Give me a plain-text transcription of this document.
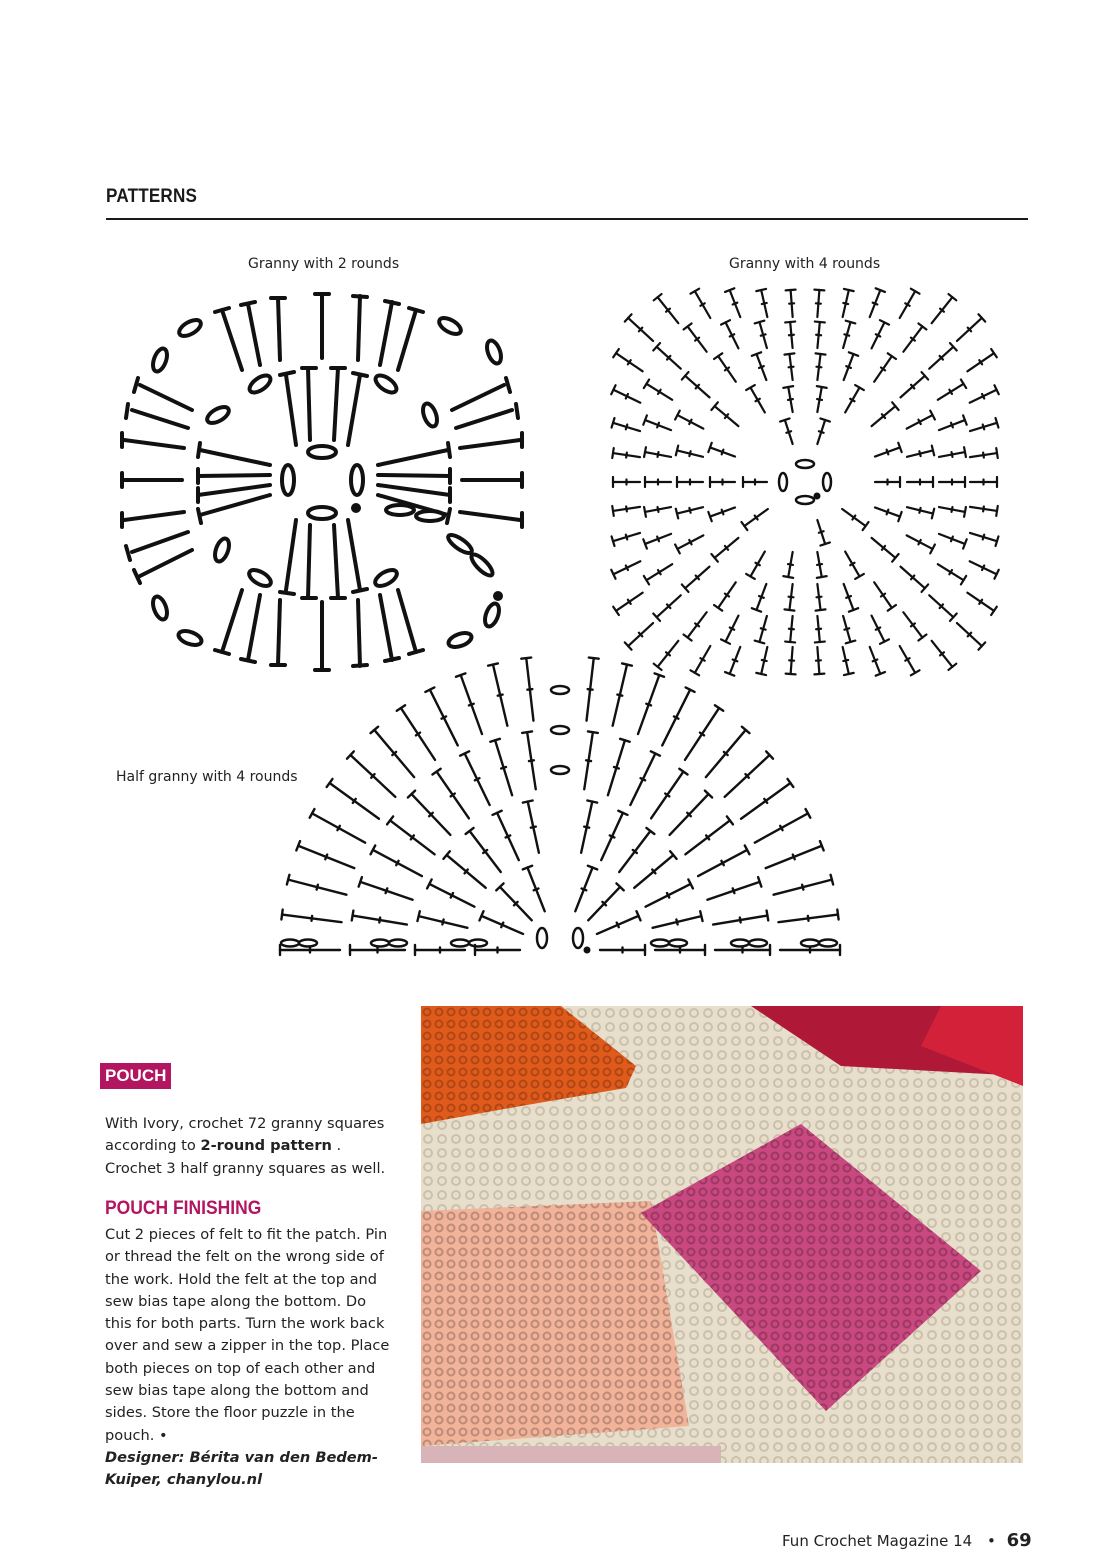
PATTERNS
Granny with 2 rounds	Granny with 4 rounds
Half granny with 4 rounds
POUCH
With Ivory, crochet 72 granny squares according to 2-round pattern . Crochet 3 half granny squares as well.
POUCH FINISHING
Cut 2 pieces of felt to fit the patch. Pin or thread the felt on the wrong side of the work. Hold the felt at the top and sew bias tape along the bottom. Do this for both parts. Turn the work back over and sew a zipper in the top. Place both pieces on top of each other and sew bias tape along the bottom and sides. Store the floor puzzle in the pouch. •
Designer: Bérita van den Bedem-Kuiper, chanylou.nl
Fun Crochet Magazine 14 • 69
